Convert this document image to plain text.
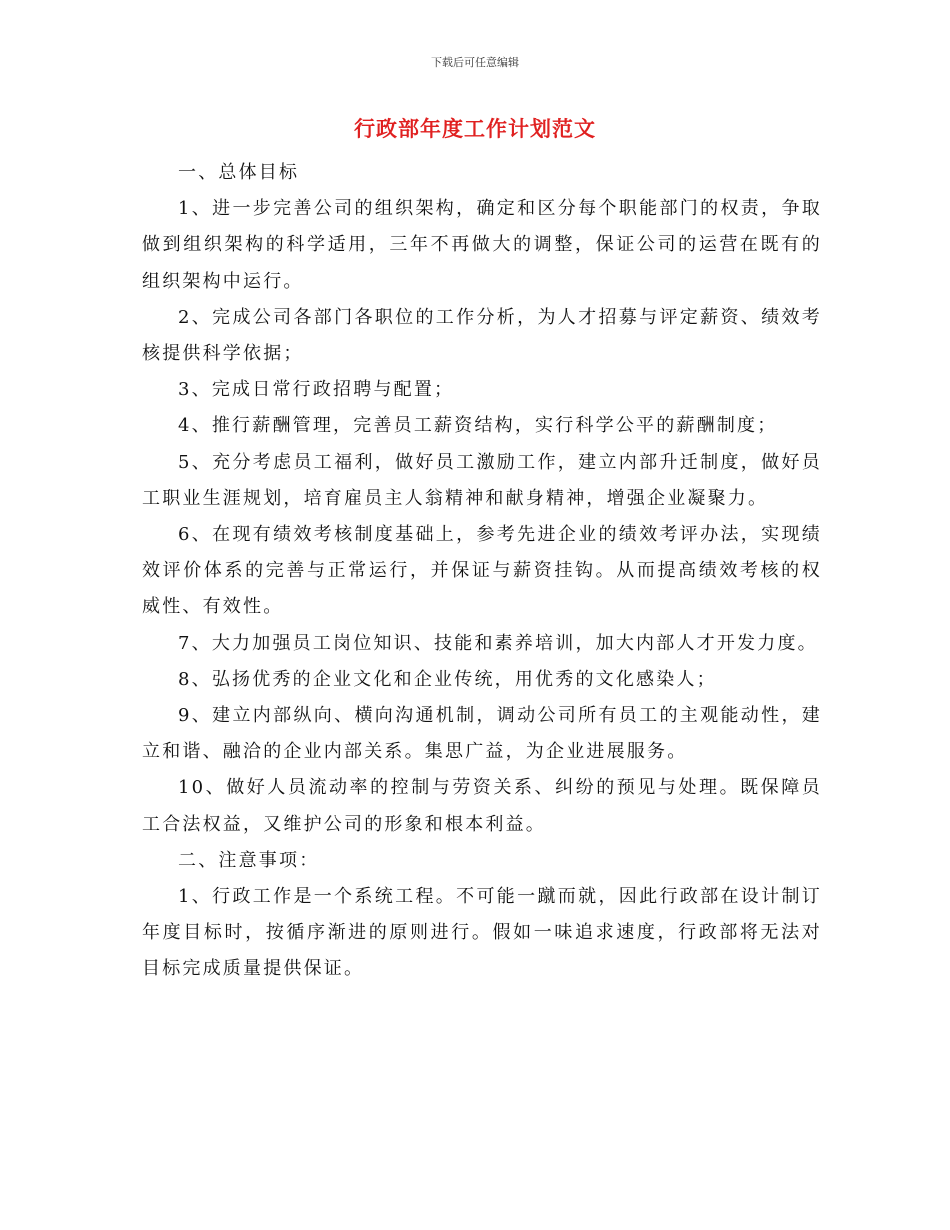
下载后可任意编辑
行政部年度工作计划范文

一、总体目标

1、进一步完善公司的组织架构，确定和区分每个职能部门的权责，争取做到组织架构的科学适用，三年不再做大的调整，保证公司的运营在既有的组织架构中运行。

2、完成公司各部门各职位的工作分析，为人才招募与评定薪资、绩效考核提供科学依据；

3、完成日常行政招聘与配置；

4、推行薪酬管理，完善员工薪资结构，实行科学公平的薪酬制度；

5、充分考虑员工福利，做好员工激励工作，建立内部升迁制度，做好员工职业生涯规划，培育雇员主人翁精神和献身精神，增强企业凝聚力。

6、在现有绩效考核制度基础上，参考先进企业的绩效考评办法，实现绩效评价体系的完善与正常运行，并保证与薪资挂钩。从而提高绩效考核的权威性、有效性。

7、大力加强员工岗位知识、技能和素养培训，加大内部人才开发力度。

8、弘扬优秀的企业文化和企业传统，用优秀的文化感染人；

9、建立内部纵向、横向沟通机制，调动公司所有员工的主观能动性，建立和谐、融洽的企业内部关系。集思广益，为企业进展服务。

10、做好人员流动率的控制与劳资关系、纠纷的预见与处理。既保障员工合法权益，又维护公司的形象和根本利益。

二、注意事项：

1、行政工作是一个系统工程。不可能一蹴而就，因此行政部在设计制订年度目标时，按循序渐进的原则进行。假如一味追求速度，行政部将无法对目标完成质量提供保证。
